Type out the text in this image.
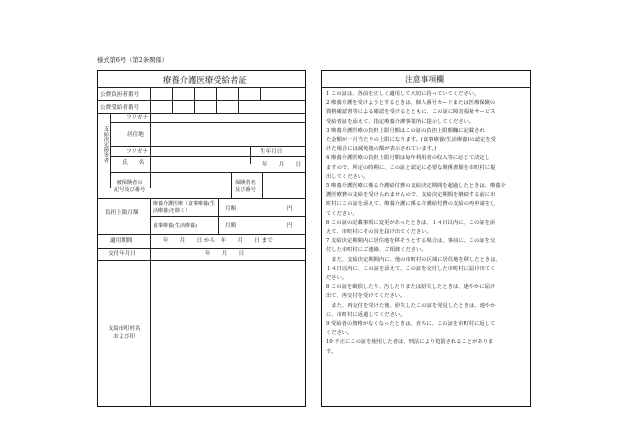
様式第6号（第2条関係）
療養介護医療受給者証
公費負担者番号
公費受給者番号
支給決定障害者
フリガナ
居住地
フリガナ	生年月日
氏　　名	年　　月　　日
被保険者の
記号及び番号
保険者名
及び番号
負担上限月額
療養介護医療（食事療養(生活療養)を除く）	月額	円
食事療養(生活療養)	月額	円
適用期間	年　　月　　日 から　年　　月　　日 まで
交付年月日	年　　月　　日
支給市町村名
および印
注意事項欄
1 この証は、各前を正しく適用して大切に持っていてください。
2 療養介護を受けようとするときは、個人番号カードまたは医療保険の
資格確認書等による確認を受けるとともに、この証に障害福祉サービス
受給者証を添えて、指定療養介護事業所に提示してください。
3 療養介護医療の負担上限月額はこの証の負担上限額欄に記載され
た金額が一月当たりの上限になります。(食事療養(生活療養)の認定を受
けた場合には減免後の額が表示されています。)
4 療養介護医療の負担上限月額は毎年利用者の収入等に応じて決定し
ますので、所定の時期に、この証と認定に必要な関係書類を市町村に提
出してください。
5 療養介護医療に係る介護給付費の支給決定期間を超過したときは、療養介
護医療費の支給を受けられませんので、支給決定期間を継続する前に市
町村にこの証を添えて、療養介護に係る介護給付費の支給の再申請をし
てください。
6 この証の記載事項に変更があったときは、１４日以内に、この証を添
えて、市町村にその旨を届け出てください。
7 支給決定期間内に居住地を移そうとする場合は、事前に、この証を交
付した市町村にご連絡、ご相談ください。
　また、支給決定期間内に、他の市町村の区域に居住地を移したときは、
１４日以内に、この証を添えて、この証を交付した市町村に届け出てく
ださい。
8 この証を破損したり、汚したりまたは紛失したときは、速やかに届け
出て、再交付を受けてください。
　また、再交付を受けた後、紛失したこの証を発見したときは、速やか
に、市町村に返還してください。
9 受給者の資格がなくなったときは、直ちに、この証を市町村に返して
ください。
10 不正にこの証を使用した者は、刑法により処罰されることがありま
す。
